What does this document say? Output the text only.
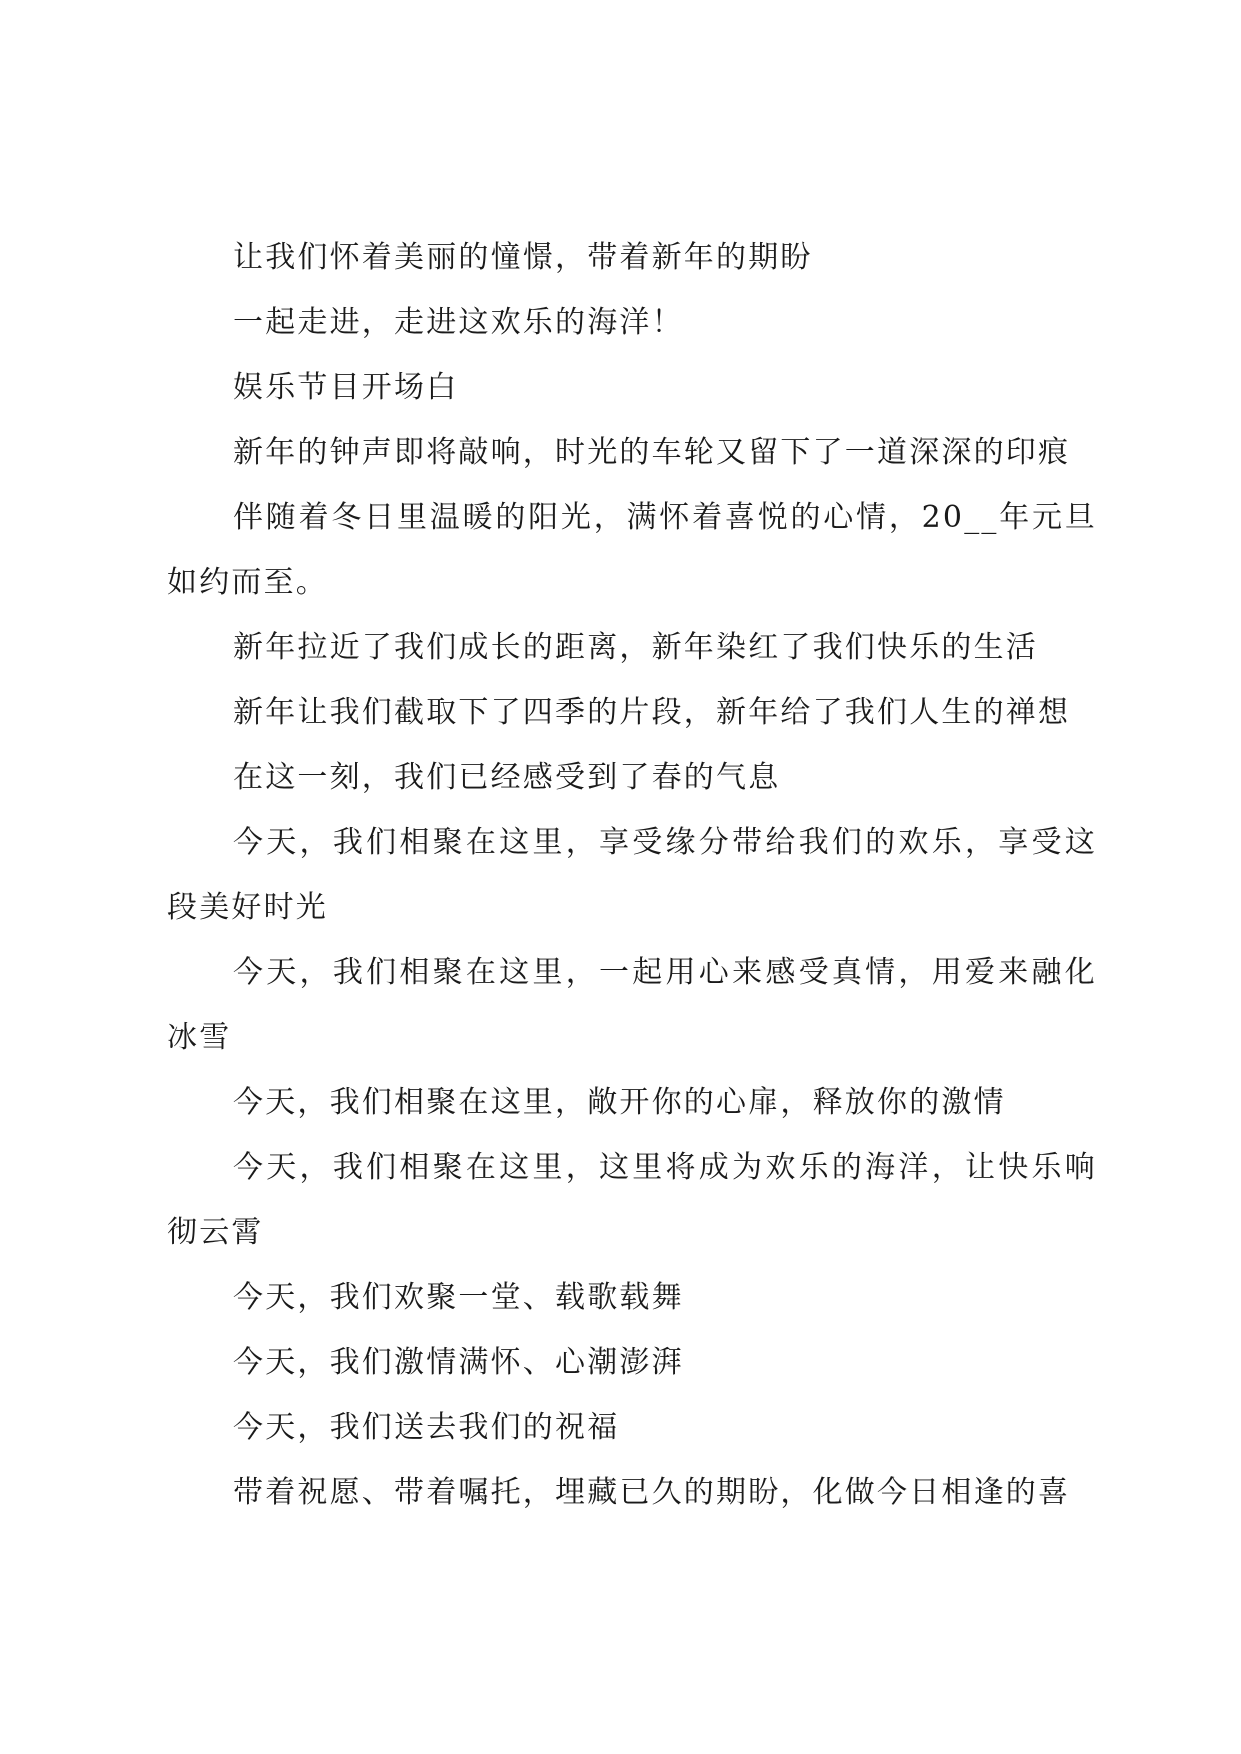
让我们怀着美丽的憧憬，带着新年的期盼

一起走进，走进这欢乐的海洋！

娱乐节目开场白

新年的钟声即将敲响，时光的车轮又留下了一道深深的印痕

伴随着冬日里温暖的阳光，满怀着喜悦的心情，20__年元旦如约而至。

新年拉近了我们成长的距离，新年染红了我们快乐的生活

新年让我们截取下了四季的片段，新年给了我们人生的禅想

在这一刻，我们已经感受到了春的气息

今天，我们相聚在这里，享受缘分带给我们的欢乐，享受这段美好时光

今天，我们相聚在这里，一起用心来感受真情，用爱来融化冰雪

今天，我们相聚在这里，敞开你的心扉，释放你的激情

今天，我们相聚在这里，这里将成为欢乐的海洋，让快乐响彻云霄

今天，我们欢聚一堂、载歌载舞

今天，我们激情满怀、心潮澎湃

今天，我们送去我们的祝福

带着祝愿、带着嘱托，埋藏已久的期盼，化做今日相逢的喜
